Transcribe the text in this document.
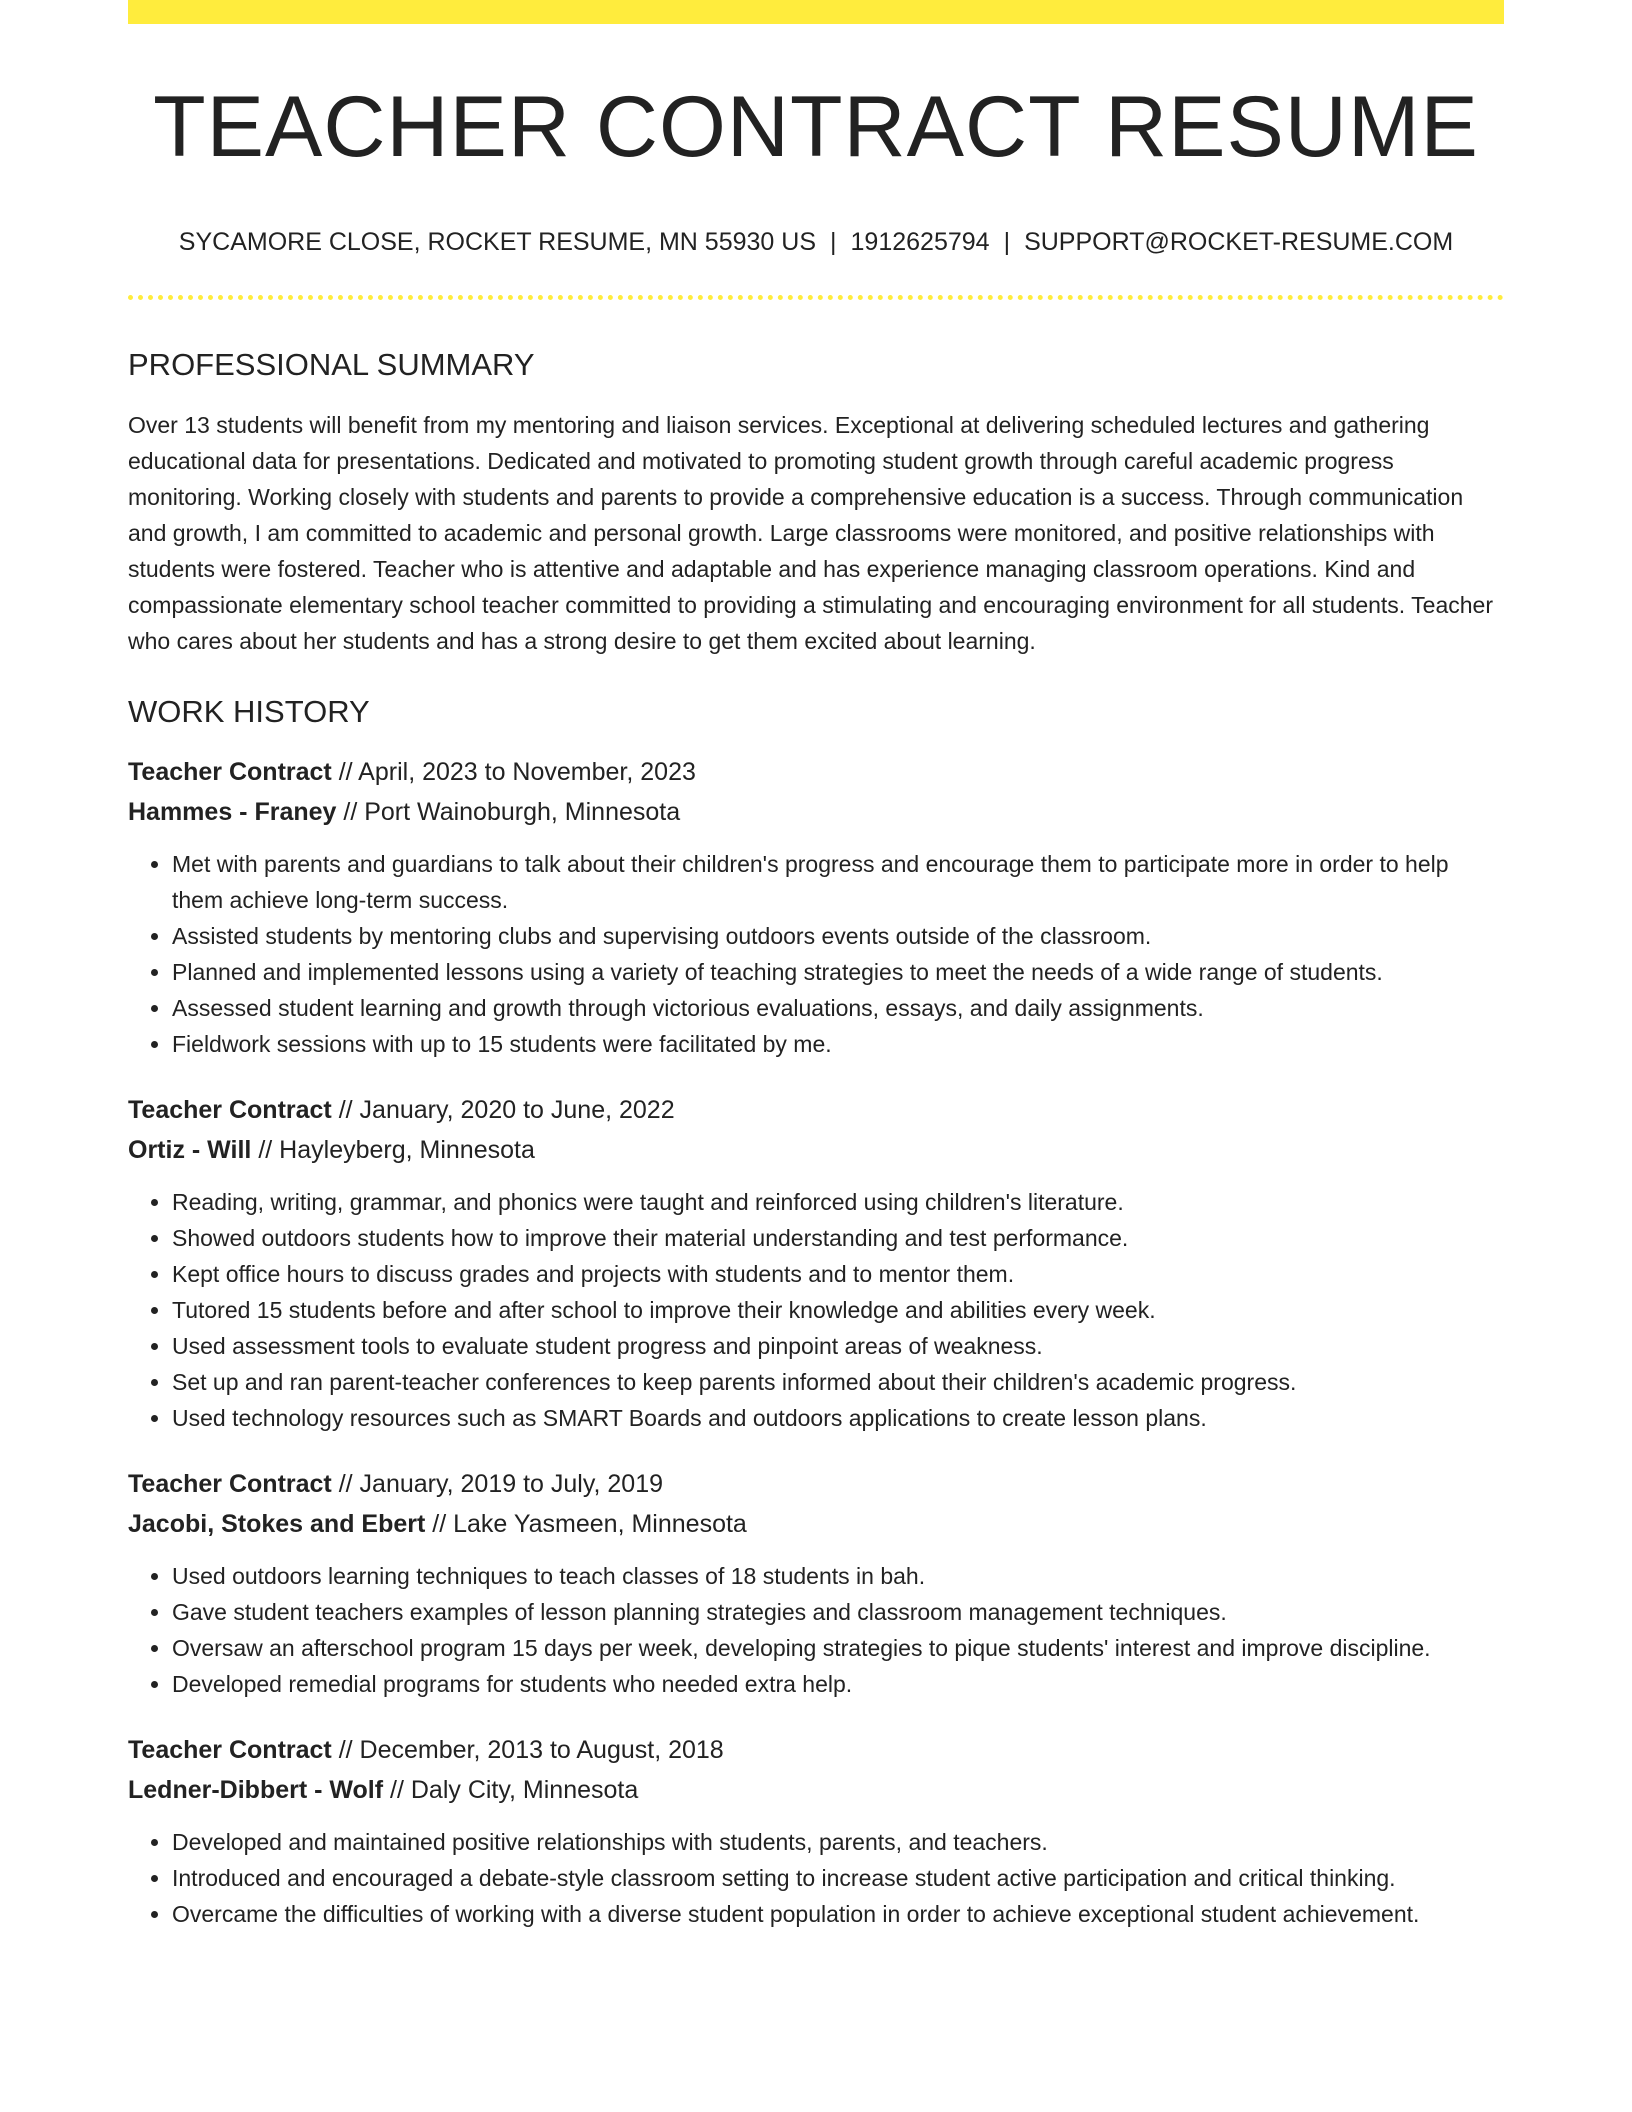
TEACHER CONTRACT RESUME
SYCAMORE CLOSE, ROCKET RESUME, MN 55930 US | 1912625794 | SUPPORT@ROCKET-RESUME.COM
PROFESSIONAL SUMMARY

Over 13 students will benefit from my mentoring and liaison services. Exceptional at delivering scheduled lectures and gathering educational data for presentations. Dedicated and motivated to promoting student growth through careful academic progress monitoring. Working closely with students and parents to provide a comprehensive education is a success. Through communication and growth, I am committed to academic and personal growth. Large classrooms were monitored, and positive relationships with students were fostered. Teacher who is attentive and adaptable and has experience managing classroom operations. Kind and compassionate elementary school teacher committed to providing a stimulating and encouraging environment for all students. Teacher who cares about her students and has a strong desire to get them excited about learning.

WORK HISTORY
Teacher Contract // April, 2023 to November, 2023
Hammes - Franey // Port Wainoburgh, Minnesota
• Met with parents and guardians to talk about their children's progress and encourage them to participate more in order to help them achieve long-term success.
• Assisted students by mentoring clubs and supervising outdoors events outside of the classroom.
• Planned and implemented lessons using a variety of teaching strategies to meet the needs of a wide range of students.
• Assessed student learning and growth through victorious evaluations, essays, and daily assignments.
• Fieldwork sessions with up to 15 students were facilitated by me.
Teacher Contract // January, 2020 to June, 2022
Ortiz - Will // Hayleyberg, Minnesota
• Reading, writing, grammar, and phonics were taught and reinforced using children's literature.
• Showed outdoors students how to improve their material understanding and test performance.
• Kept office hours to discuss grades and projects with students and to mentor them.
• Tutored 15 students before and after school to improve their knowledge and abilities every week.
• Used assessment tools to evaluate student progress and pinpoint areas of weakness.
• Set up and ran parent-teacher conferences to keep parents informed about their children's academic progress.
• Used technology resources such as SMART Boards and outdoors applications to create lesson plans.
Teacher Contract // January, 2019 to July, 2019
Jacobi, Stokes and Ebert // Lake Yasmeen, Minnesota
• Used outdoors learning techniques to teach classes of 18 students in bah.
• Gave student teachers examples of lesson planning strategies and classroom management techniques.
• Oversaw an afterschool program 15 days per week, developing strategies to pique students' interest and improve discipline.
• Developed remedial programs for students who needed extra help.
Teacher Contract // December, 2013 to August, 2018
Ledner-Dibbert - Wolf // Daly City, Minnesota
• Developed and maintained positive relationships with students, parents, and teachers.
• Introduced and encouraged a debate-style classroom setting to increase student active participation and critical thinking.
• Overcame the difficulties of working with a diverse student population in order to achieve exceptional student achievement.
